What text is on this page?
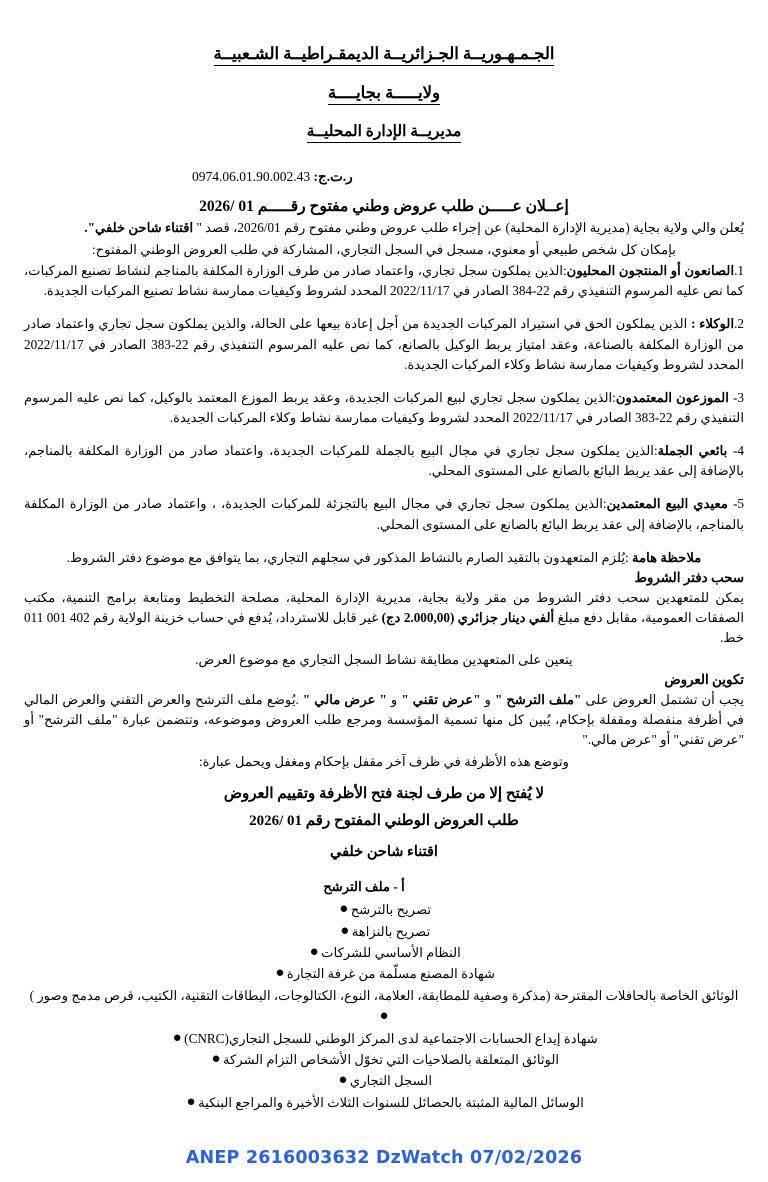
الجـمـهـوريــة الجـزائريــة الديمقـراطيــة الشـعبيــة
ولايـــــة بجايــــة
مديريــة الإدارة المحليــة
ر.ت.ج: 0974.06.01.90.002.43
إعــلان عـــــن طلب عروض وطني مفتوح رقـــــم 01 /2026

يُعلن والي ولاية بجاية (مديرية الإدارة المحلية) عن إجراء طلب عروض وطني مفتوح رقم 2026/01، قصد " اقتناء شاحن خلفي".

بإمكان كل شخص طبيعي أو معنوي، مسجل في السجل التجاري، المشاركة في طلب العروض الوطني المفتوح:

1.الصانعون أو المنتجون المحليون:الذين يملكون سجل تجاري، واعتماد صادر من طرف الوزارة المكلفة بالمناجم لنشاط تصنيع المركبات، كما نص عليه المرسوم التنفيذي رقم 22-384 الصادر في 2022/11/17 المحدد لشروط وكيفيات ممارسة نشاط تصنيع المركبات الجديدة.

2.الوكلاء : الذين يملكون الحق في استيراد المركبات الجديدة من أجل إعادة بيعها على الحالة، والذين يملكون سجل تجاري واعتماد صادر من الوزارة المكلفة بالصناعة، وعقد امتياز يربط الوكيل بالصانع، كما نص عليه المرسوم التنفيذي رقم 22-383 الصادر في 2022/11/17 المحدد لشروط وكيفيات ممارسة نشاط وكلاء المركبات الجديدة.

3- الموزعون المعتمدون:الذين يملكون سجل تجاري لبيع المركبات الجديدة، وعقد يربط الموزع المعتمد بالوكيل، كما نص عليه المرسوم التنفيذي رقم 22-383 الصادر في 2022/11/17 المحدد لشروط وكيفيات ممارسة نشاط وكلاء المركبات الجديدة.

4- بائعي الجملة:الذين يملكون سجل تجاري في مجال البيع بالجملة للمركبات الجديدة، واعتماد صادر من الوزارة المكلفة بالمناجم، بالإضافة إلى عقد يربط البائع بالصانع على المستوى المحلي.

5- معيدي البيع المعتمدين:الذين يملكون سجل تجاري في مجال البيع بالتجزئة للمركبات الجديدة، ، واعتماد صادر من الوزارة المكلفة بالمناجم، بالإضافة إلى عقد يربط البائع بالصانع على المستوى المحلي.

ملاحظة هامة :يُلزم المتعهدون بالتقيد الصارم بالنشاط المذكور في سجلهم التجاري، بما يتوافق مع موضوع دفتر الشروط.

سحب دفتر الشروط

يمكن للمتعهدين سحب دفتر الشروط من مقر ولاية بجاية، مديرية الإدارة المحلية، مصلحة التخطيط ومتابعة برامج التنمية، مكتب الصفقات العمومية، مقابل دفع مبلغ ألفي دينار جزائري (2.000,00 دج) غير قابل للاسترداد، يُدفع في حساب خزينة الولاية رقم 402 001 011 خط.

يتعين على المتعهدين مطابقة نشاط السجل التجاري مع موضوع العرض.

تكوين العروض

يجب أن تشتمل العروض على "ملف الترشح " و "عرض تقني " و " عرض مالي " .يُوضع ملف الترشح والعرض التقني والعرض المالي في أظرفة منفصلة ومقفلة بإحكام، يُبين كل منها تسمية المؤسسة ومرجع طلب العروض وموضوعه، وتتضمن عبارة "ملف الترشح" أو "عرض تقني" أو "عرض مالي."

وتوضع هذه الأظرفة في ظرف آخر مقفل بإحكام ومغفل ويحمل عبارة:

لا يُفتح إلا من طرف لجنة فتح الأظرفة وتقييم العروض
طلب العروض الوطني المفتوح رقم 01 /2026
اقتناء شاحن خلفي
أ - ملف الترشح
تصريح بالترشح●
تصريح بالنزاهة●
النظام الأساسي للشركات●
شهادة المصنع مسلّمة من غرفة التجارة●
الوثائق الخاصة بالحافلات المقترحة (مذكرة وصفية للمطابقة، العلامة، النوع، الكتالوجات، البطاقات التقنية، الكتيب، قرص مدمج وصور )●
شهادة إيداع الحسابات الاجتماعية لدى المركز الوطني للسجل التجاري(CNRC)●
الوثائق المتعلقة بالصلاحيات التي تخوّل الأشخاص التزام الشركة●
السجل التجاري●
الوسائل المالية المثبتة بالحصائل للسنوات الثلاث الأخيرة والمراجع البنكية●
ANEP 2616003632 DzWatch 07/02/2026
